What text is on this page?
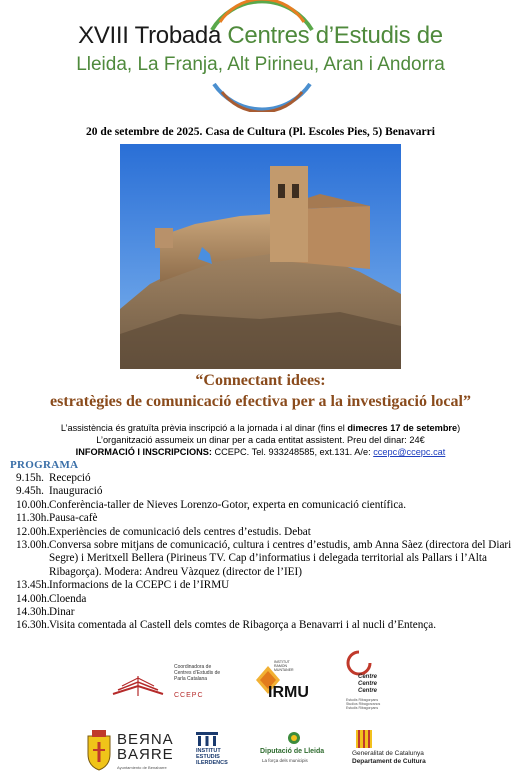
XVIII Trobada Centres d’Estudis de
Lleida, La Franja, Alt Pirineu, Aran i Andorra
20 de setembre de 2025. Casa de Cultura (Pl. Escoles Pies, 5) Benavarri
“Connectant idees:
estratègies de comunicació efectiva per a la investigació local”
L’assistència és gratuïta prèvia inscripció a la jornada i al dinar (fins el dimecres 17 de setembre)
L’organització assumeix un dinar per a cada entitat assistent. Preu del dinar: 24€
INFORMACIÓ I INSCRIPCIONS: CCEPC. Tel. 933248585, ext.131. A/e: ccepc@ccepc.cat
PROGRAMA
9.15h. Recepció
9.45h. Inauguració
10.00h. Conferència-taller de Nieves Lorenzo-Gotor, experta en comunicació científica.
11.30h. Pausa-cafè
12.00h. Experiències de comunicació dels centres d’estudis. Debat
13.00h. Conversa sobre mitjans de comunicació, cultura i centres d’estudis, amb Anna Sàez (directora del Diari Segre) i Meritxell Bellera (Pirineus TV. Cap d’informatius i delegada territorial als Pallars i l’Alta Ribagorça). Modera: Andreu Vàzquez (director de l’IEI)
13.45h. Informacions de la CCEPC i de l’IRMU
14.00h. Cloenda
14.30h. Dinar
16.30h. Visita comentada al Castell dels comtes de Ribagorça a Benavarri i al nucli d’Entença.
Coordinadora de Centres d’Estudis de Parla Catalana
CCEPC
INSTITUT RAMON MUNTANER
IRMU
Centre
Centre
Centre
Estudis Ribagorçans
Studios Ribagorzanos
Estudis Ribagorçans
BEЯNA
BAЯRE
Ayuntamiento de Benabarre
INSTITUT
ESTUDIS
ILERDENCS
Diputació de Lleida
La força dels municipis
Generalitat de Catalunya
Departament de Cultura
